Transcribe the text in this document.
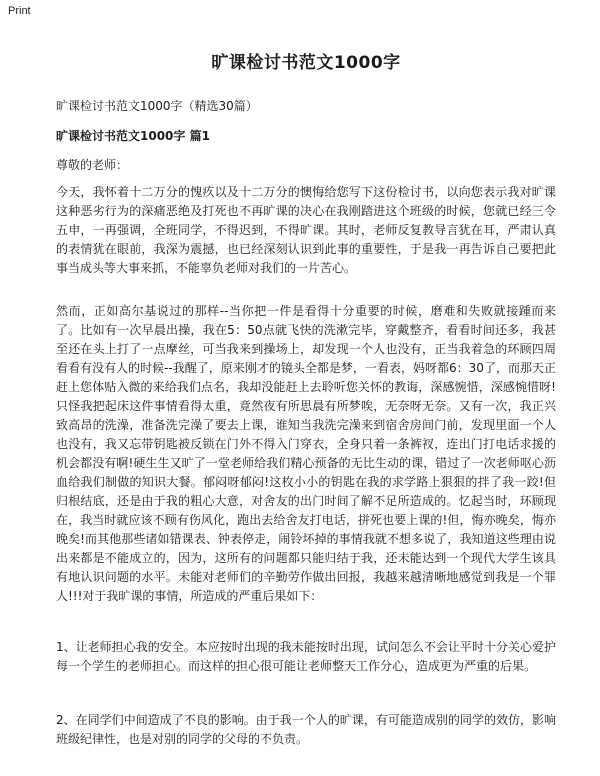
Print
旷课检讨书范文1000字
旷课检讨书范文1000字（精选30篇）
旷课检讨书范文1000字 篇1
尊敬的老师：

今天，我怀着十二万分的愧疚以及十二万分的懊悔给您写下这份检讨书，以向您表示我对旷课这种恶劣行为的深痛恶绝及打死也不再旷课的决心在我刚踏进这个班级的时候，您就已经三令五申，一再强调，全班同学，不得迟到，不得旷课。其时，老师反复教导言犹在耳，严肃认真的表情犹在眼前，我深为震撼，也已经深刻认识到此事的重要性，于是我一再告诉自己要把此事当成头等大事来抓，不能辜负老师对我们的一片苦心。

然而，正如高尔基说过的那样--当你把一件是看得十分重要的时候，磨难和失败就接踵而来了。比如有一次早晨出操，我在5：50点就飞快的洗漱完毕，穿戴整齐，看看时间还多，我甚至还在头上打了一点摩丝，可当我来到操场上，却发现一个人也没有，正当我着急的环顾四周看看有没有人的时候--我醒了，原来刚才的镜头全都是梦，一看表，妈呀都6：30了，而那天正赶上您体贴入微的来给我们点名，我却没能赶上去聆听您关怀的教诲，深感惋惜，深感惋惜呀!只怪我把起床这件事情看得太重，竟然夜有所思晨有所梦唉，无奈呀无奈。又有一次，我正兴致高昂的洗澡，准备洗完澡了要去上课，谁知当我洗完澡来到宿舍房间门前，发现里面一个人也没有，我又忘带钥匙被反锁在门外不得入门穿衣，全身只着一条裤衩，连出门打电话求援的机会都没有啊!硬生生又旷了一堂老师给我们精心预备的无比生动的课，错过了一次老师呕心沥血给我们制做的知识大餐。郁闷呀郁闷!这枚小小的钥匙在我的求学路上狠狠的拌了我一跤!但归根结底，还是由于我的粗心大意，对舍友的出门时间了解不足所造成的。忆起当时，环顾现在，我当时就应该不顾有伤风化，跑出去给舍友打电话，拼死也要上课的!但，悔亦晚矣，悔亦晚矣!而其他那些诸如错课表、钟表停走，闹铃坏掉的事情我就不想多说了，我知道这些理由说出来都是不能成立的，因为，这所有的问题都只能归结于我，还未能达到一个现代大学生该具有地认识问题的水平。未能对老师们的辛勤劳作做出回报，我越来越清晰地感觉到我是一个罪人!!!对于我旷课的事情，所造成的严重后果如下：

1、让老师担心我的安全。本应按时出现的我未能按时出现，试问怎么不会让平时十分关心爱护每一个学生的老师担心。而这样的担心很可能让老师整天工作分心，造成更为严重的后果。

2、在同学们中间造成了不良的影响。由于我一个人的旷课，有可能造成别的同学的效仿，影响班级纪律性，也是对别的同学的父母的不负责。
